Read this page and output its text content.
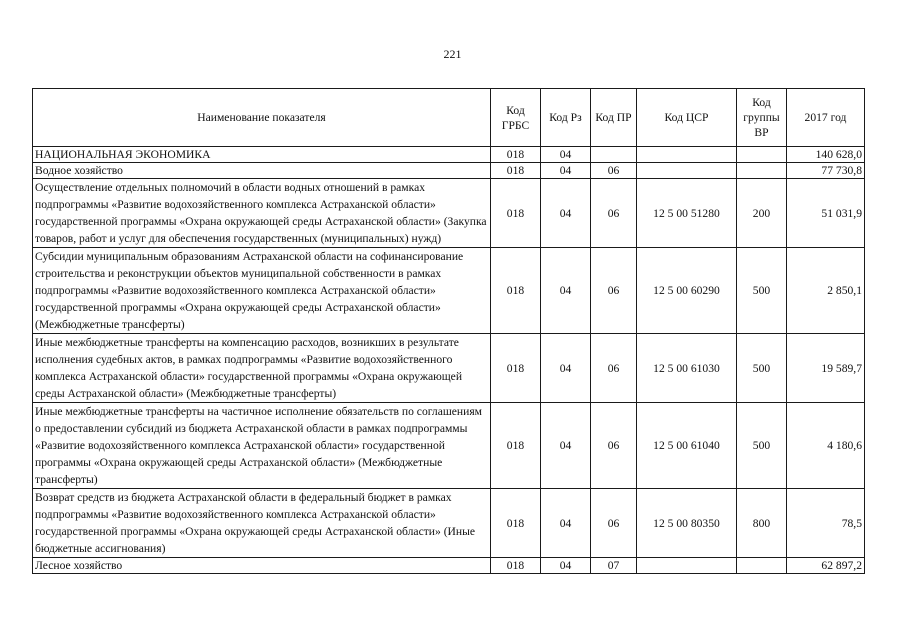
221
Наименование показателя	Код ГРБС	Код Рз	Код ПР	Код ЦСР	Код группы ВР	2017 год
НАЦИОНАЛЬНАЯ ЭКОНОМИКА	018	04				140 628,0
Водное хозяйство	018	04	06			77 730,8
Осуществление отдельных полномочий в области водных отношений в рамках подпрограммы «Развитие водохозяйственного комплекса Астраханской области» государственной программы «Охрана окружающей среды Астраханской области» (Закупка товаров, работ и услуг для обеспечения государственных (муниципальных) нужд)	018	04	06	12 5 00 51280	200	51 031,9
Субсидии муниципальным образованиям Астраханской области на софинансирование строительства и реконструкции объектов муниципальной собственности в рамках подпрограммы «Развитие водохозяйственного комплекса Астраханской области» государственной программы «Охрана окружающей среды Астраханской области» (Межбюджетные трансферты)	018	04	06	12 5 00 60290	500	2 850,1
Иные межбюджетные трансферты на компенсацию расходов, возникших в результате исполнения судебных актов, в рамках подпрограммы «Развитие водохозяйственного комплекса Астраханской области» государственной программы «Охрана окружающей среды Астраханской области» (Межбюджетные трансферты)	018	04	06	12 5 00 61030	500	19 589,7
Иные межбюджетные трансферты на частичное исполнение обязательств по соглашениям о предоставлении субсидий из бюджета Астраханской области в рамках подпрограммы «Развитие водохозяйственного комплекса Астраханской области» государственной программы «Охрана окружающей среды Астраханской области» (Межбюджетные трансферты)	018	04	06	12 5 00 61040	500	4 180,6
Возврат средств из бюджета Астраханской области в федеральный бюджет в рамках подпрограммы «Развитие водохозяйственного комплекса Астраханской области» государственной программы «Охрана окружающей среды Астраханской области» (Иные бюджетные ассигнования)	018	04	06	12 5 00 80350	800	78,5
Лесное хозяйство	018	04	07			62 897,2
